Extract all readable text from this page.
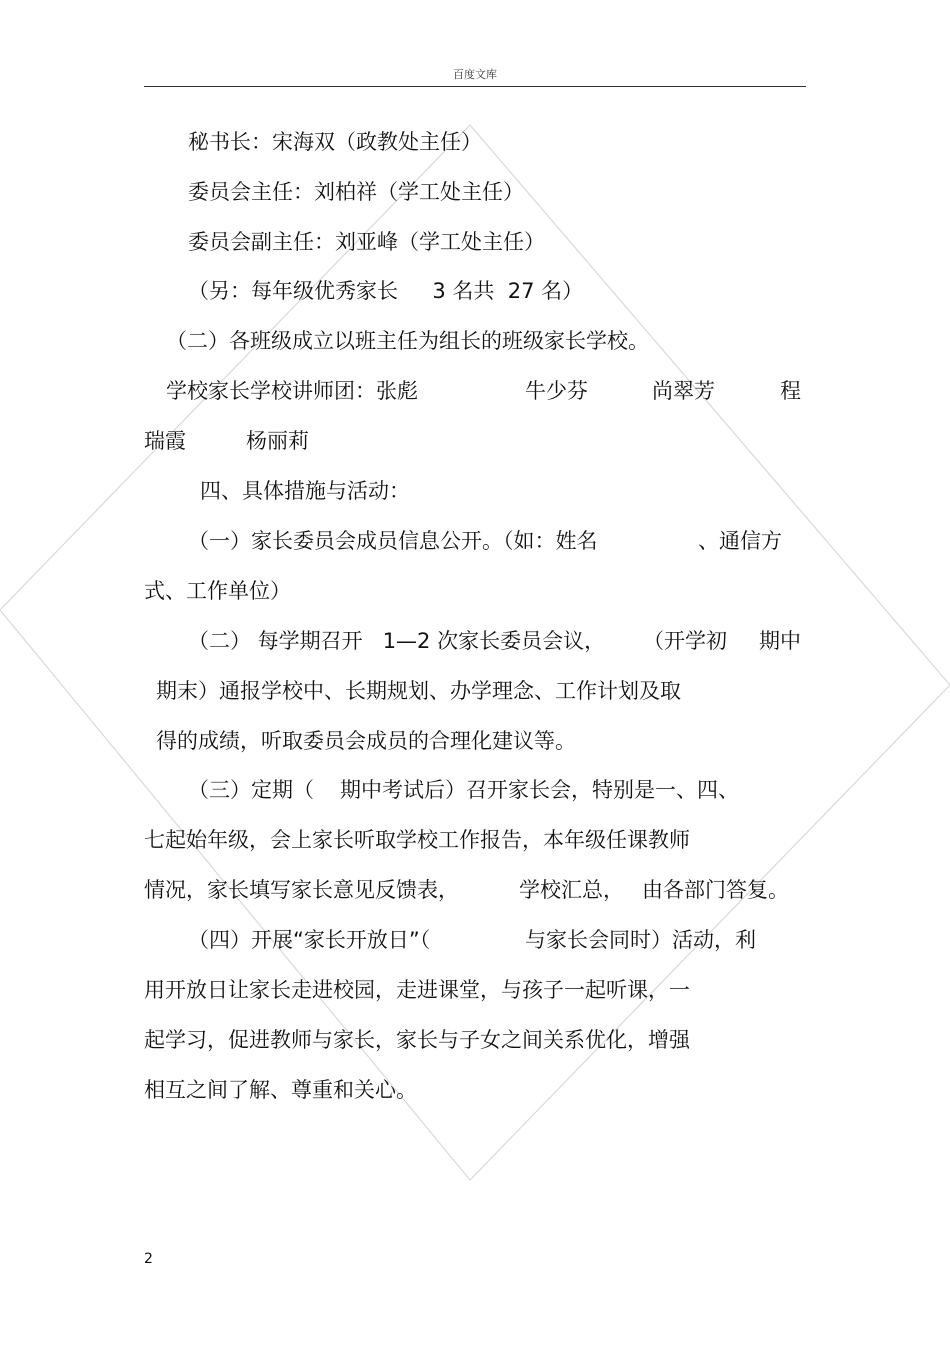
百度文库
秘书长：宋海双（政教处主任）
委员会主任：刘柏祥（学工处主任）
委员会副主任：刘亚峰（学工处主任）
（另：每年级优秀家长　  3 名共  27 名）
（二）各班级成立以班主任为组长的班级家长学校。
学校家长学校讲师团：张彪	牛少芬	尚翠芳	程
瑞霞	杨丽莉
四、具体措施与活动：
（一）家长委员会成员信息公开。（如：姓名	、通信方
式、工作单位）
（二） 每学期召开   1—2 次家长委员会议， （开学初 期中
期末）通报学校中、长期规划、办学理念、工作计划及取
得的成绩，听取委员会成员的合理化建议等。
（三）定期（ 期中考试后）召开家长会，特别是一、四、
七起始年级，会上家长听取学校工作报告，本年级任课教师
情况，家长填写家长意见反馈表，	学校汇总， 由各部门答复。
（四）开展“家长开放日”（	与家长会同时）活动，利
用开放日让家长走进校园，走进课堂，与孩子一起听课，一
起学习，促进教师与家长，家长与子女之间关系优化，增强
相互之间了解、尊重和关心。
2
